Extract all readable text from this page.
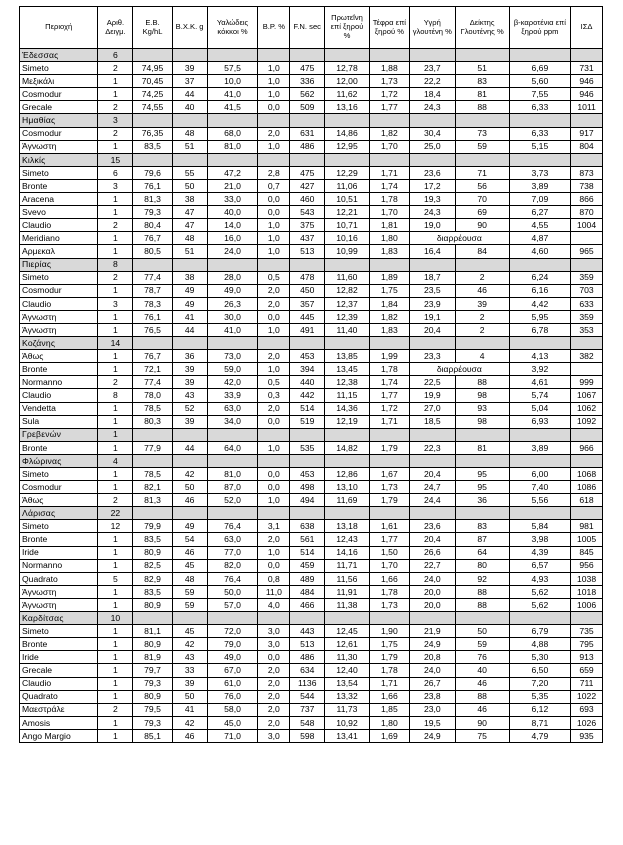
Περιοχή	Αριθ. Δειγμ.	Ε.Β. Kg/hL	Β.Χ.Κ. g	Υαλώδεις κόκκοι %	Β.Ρ. %	F.N. sec	Πρωτεΐνη επί ξηρού %	Τέφρα επί ξηρού %	Υγρή γλουτένη %	Δείκτης Γλουτένης %	β-καροτένια επί ξηρού ppm	ΙΣΔ
Έδεσσας	6											
Simeto	2	74,95	39	57,5	1,0	475	12,78	1,88	23,7	51	6,69	731
Μεξικάλι	1	70,45	37	10,0	1,0	336	12,00	1,73	22,2	83	5,60	946
Cosmodur	1	74,25	44	41,0	1,0	562	11,62	1,72	18,4	81	7,55	946
Grecale	2	74,55	40	41,5	0,0	509	13,16	1,77	24,3	88	6,33	1011
Ημαθίας	3											
Cosmodur	2	76,35	48	68,0	2,0	631	14,86	1,82	30,4	73	6,33	917
Άγνωστη	1	83,5	51	81,0	1,0	486	12,95	1,70	25,0	59	5,15	804
Κιλκίς	15											
Simeto	6	79,6	55	47,2	2,8	475	12,29	1,71	23,6	71	3,73	873
Bronte	3	76,1	50	21,0	0,7	427	11,06	1,74	17,2	56	3,89	738
Aracena	1	81,3	38	33,0	0,0	460	10,51	1,78	19,3	70	7,09	866
Svevo	1	79,3	47	40,0	0,0	543	12,21	1,70	24,3	69	6,27	870
Claudio	2	80,4	47	14,0	1,0	375	10,71	1,81	19,0	90	4,55	1004
Meridiano	1	76,7	48	16,0	1,0	437	10,16	1,80	διαρρέουσα		4,87	
Αρμεκαλ	1	80,5	51	24,0	1,0	513	10,99	1,83	16,4	84	4,60	965
Πιερίας	8											
Simeto	2	77,4	38	28,0	0,5	478	11,60	1,89	18,7	2	6,24	359
Cosmodur	1	78,7	49	49,0	2,0	450	12,82	1,75	23,5	46	6,16	703
Claudio	3	78,3	49	26,3	2,0	357	12,37	1,84	23,9	39	4,42	633
Άγνωστη	1	76,1	41	30,0	0,0	445	12,39	1,82	19,1	2	5,95	359
Άγνωστη	1	76,5	44	41,0	1,0	491	11,40	1,83	20,4	2	6,78	353
Κοζάνης	14											
Άθως	1	76,7	36	73,0	2,0	453	13,85	1,99	23,3	4	4,13	382
Bronte	1	72,1	39	59,0	1,0	394	13,45	1,78	διαρρέουσα		3,92	
Normanno	2	77,4	39	42,0	0,5	440	12,38	1,74	22,5	88	4,61	999
Claudio	8	78,0	43	33,9	0,3	442	11,15	1,77	19,9	98	5,74	1067
Vendetta	1	78,5	52	63,0	2,0	514	14,36	1,72	27,0	93	5,04	1062
Sula	1	80,3	39	34,0	0,0	519	12,19	1,71	18,5	98	6,93	1092
Γρεβενών	1											
Bronte	1	77,9	44	64,0	1,0	535	14,82	1,79	22,3	81	3,89	966
Φλώρινας	4											
Simeto	1	78,5	42	81,0	0,0	453	12,86	1,67	20,4	95	6,00	1068
Cosmodur	1	82,1	50	87,0	0,0	498	13,10	1,73	24,7	95	7,40	1086
Άθως	2	81,3	46	52,0	1,0	494	11,69	1,79	24,4	36	5,56	618
Λάρισας	22											
Simeto	12	79,9	49	76,4	3,1	638	13,18	1,61	23,6	83	5,84	981
Bronte	1	83,5	54	63,0	2,0	561	12,43	1,77	20,4	87	3,98	1005
Iride	1	80,9	46	77,0	1,0	514	14,16	1,50	26,6	64	4,39	845
Normanno	1	82,5	45	82,0	0,0	459	11,71	1,70	22,7	80	6,57	956
Quadrato	5	82,9	48	76,4	0,8	489	11,56	1,66	24,0	92	4,93	1038
Άγνωστη	1	83,5	59	50,0	11,0	484	11,91	1,78	20,0	88	5,62	1018
Άγνωστη	1	80,9	59	57,0	4,0	466	11,38	1,73	20,0	88	5,62	1006
Καρδίτσας	10											
Simeto	1	81,1	45	72,0	3,0	443	12,45	1,90	21,9	50	6,79	735
Bronte	1	80,9	42	79,0	3,0	513	12,61	1,75	24,9	59	4,88	795
Iride	1	81,9	43	49,0	0,0	486	11,30	1,79	20,8	76	5,30	913
Grecale	1	79,7	33	67,0	2,0	634	12,40	1,78	24,0	40	6,50	659
Claudio	1	79,3	39	61,0	2,0	1136	13,54	1,71	26,7	46	7,20	711
Quadrato	1	80,9	50	76,0	2,0	544	13,32	1,66	23,8	88	5,35	1022
Μαεστράλε	2	79,5	41	58,0	2,0	737	11,73	1,85	23,0	46	6,12	693
Amosis	1	79,3	42	45,0	2,0	548	10,92	1,80	19,5	90	8,71	1026
Ango Margio	1	85,1	46	71,0	3,0	598	13,41	1,69	24,9	75	4,79	935
